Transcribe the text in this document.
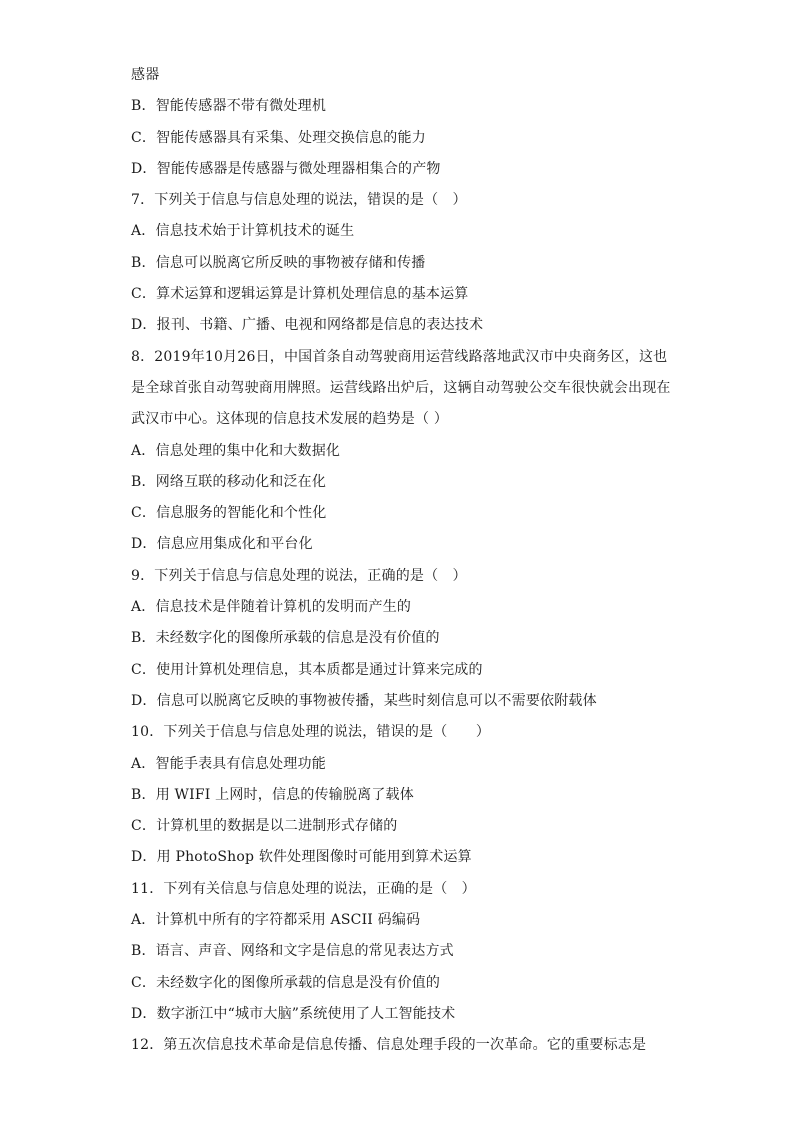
感器
B．智能传感器不带有微处理机
C．智能传感器具有采集、处理交换信息的能力
D．智能传感器是传感器与微处理器相集合的产物
7．下列关于信息与信息处理的说法，错误的是（　）
A．信息技术始于计算机技术的诞生
B．信息可以脱离它所反映的事物被存储和传播
C．算术运算和逻辑运算是计算机处理信息的基本运算
D．报刊、书籍、广播、电视和网络都是信息的表达技术
8．2019年10月26日，中国首条自动驾驶商用运营线路落地武汉市中央商务区，这也
是全球首张自动驾驶商用牌照。运营线路出炉后，这辆自动驾驶公交车很快就会出现在
武汉市中心。这体现的信息技术发展的趋势是（ ）
A．信息处理的集中化和大数据化
B．网络互联的移动化和泛在化
C．信息服务的智能化和个性化
D．信息应用集成化和平台化
9．下列关于信息与信息处理的说法，正确的是（　）
A．信息技术是伴随着计算机的发明而产生的
B．未经数字化的图像所承载的信息是没有价值的
C．使用计算机处理信息，其本质都是通过计算来完成的
D．信息可以脱离它反映的事物被传播，某些时刻信息可以不需要依附载体
10．下列关于信息与信息处理的说法，错误的是（　　）
A．智能手表具有信息处理功能
B．用 WIFI 上网时，信息的传输脱离了载体
C．计算机里的数据是以二进制形式存储的
D．用 PhotoShop 软件处理图像时可能用到算术运算
11．下列有关信息与信息处理的说法，正确的是（　）
A．计算机中所有的字符都采用 ASCII 码编码
B．语言、声音、网络和文字是信息的常见表达方式
C．未经数字化的图像所承载的信息是没有价值的
D．数字浙江中“城市大脑”系统使用了人工智能技术
12．第五次信息技术革命是信息传播、信息处理手段的一次革命。它的重要标志是
